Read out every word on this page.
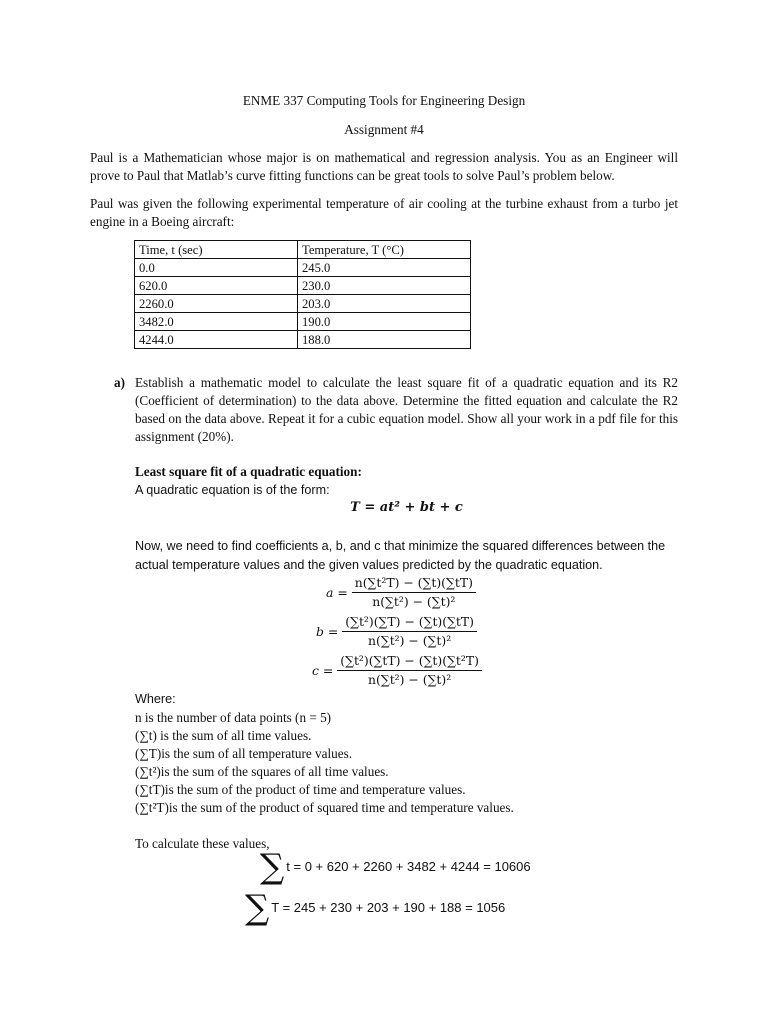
ENME 337 Computing Tools for Engineering Design
Assignment #4
Paul is a Mathematician whose major is on mathematical and regression analysis. You as an Engineer will prove to Paul that Matlab’s curve fitting functions can be great tools to solve Paul’s problem below.
Paul was given the following experimental temperature of air cooling at the turbine exhaust from a turbo jet engine in a Boeing aircraft:
Time, t (sec)	Temperature, T (°C)
0.0	245.0
620.0	230.0
2260.0	203.0
3482.0	190.0
4244.0	188.0
a) Establish a mathematic model to calculate the least square fit of a quadratic equation and its R2 (Coefficient of determination) to the data above. Determine the fitted equation and calculate the R2 based on the data above. Repeat it for a cubic equation model. Show all your work in a pdf file for this assignment (20%).
Least square fit of a quadratic equation:
A quadratic equation is of the form:
T = at² + bt + c
Now, we need to find coefficients a, b, and c that minimize the squared differences between the actual temperature values and the given values predicted by the quadratic equation.
$a = \frac{\text{n(∑t²T) − (∑t)(∑tT)}}{\text{n(∑t²) − (∑t)²}}$
$b = \frac{\text{(∑t²)(∑T) − (∑t)(∑tT)}}{\text{n(∑t²) − (∑t)²}}$
$c = \frac{\text{(∑t²)(∑tT) − (∑t)(∑t²T)}}{\text{n(∑t²) − (∑t)²}}$
Where:
n is the number of data points (n = 5)
(∑t) is the sum of all time values.
(∑T)is the sum of all temperature values.
(∑t²)is the sum of the squares of all time values.
(∑tT)is the sum of the product of time and temperature values.
(∑t²T)is the sum of the product of squared time and temperature values.
To calculate these values,
∑ t = 0 + 620 + 2260 + 3482 + 4244 = 10606
∑ T = 245 + 230 + 203 + 190 + 188 = 1056
